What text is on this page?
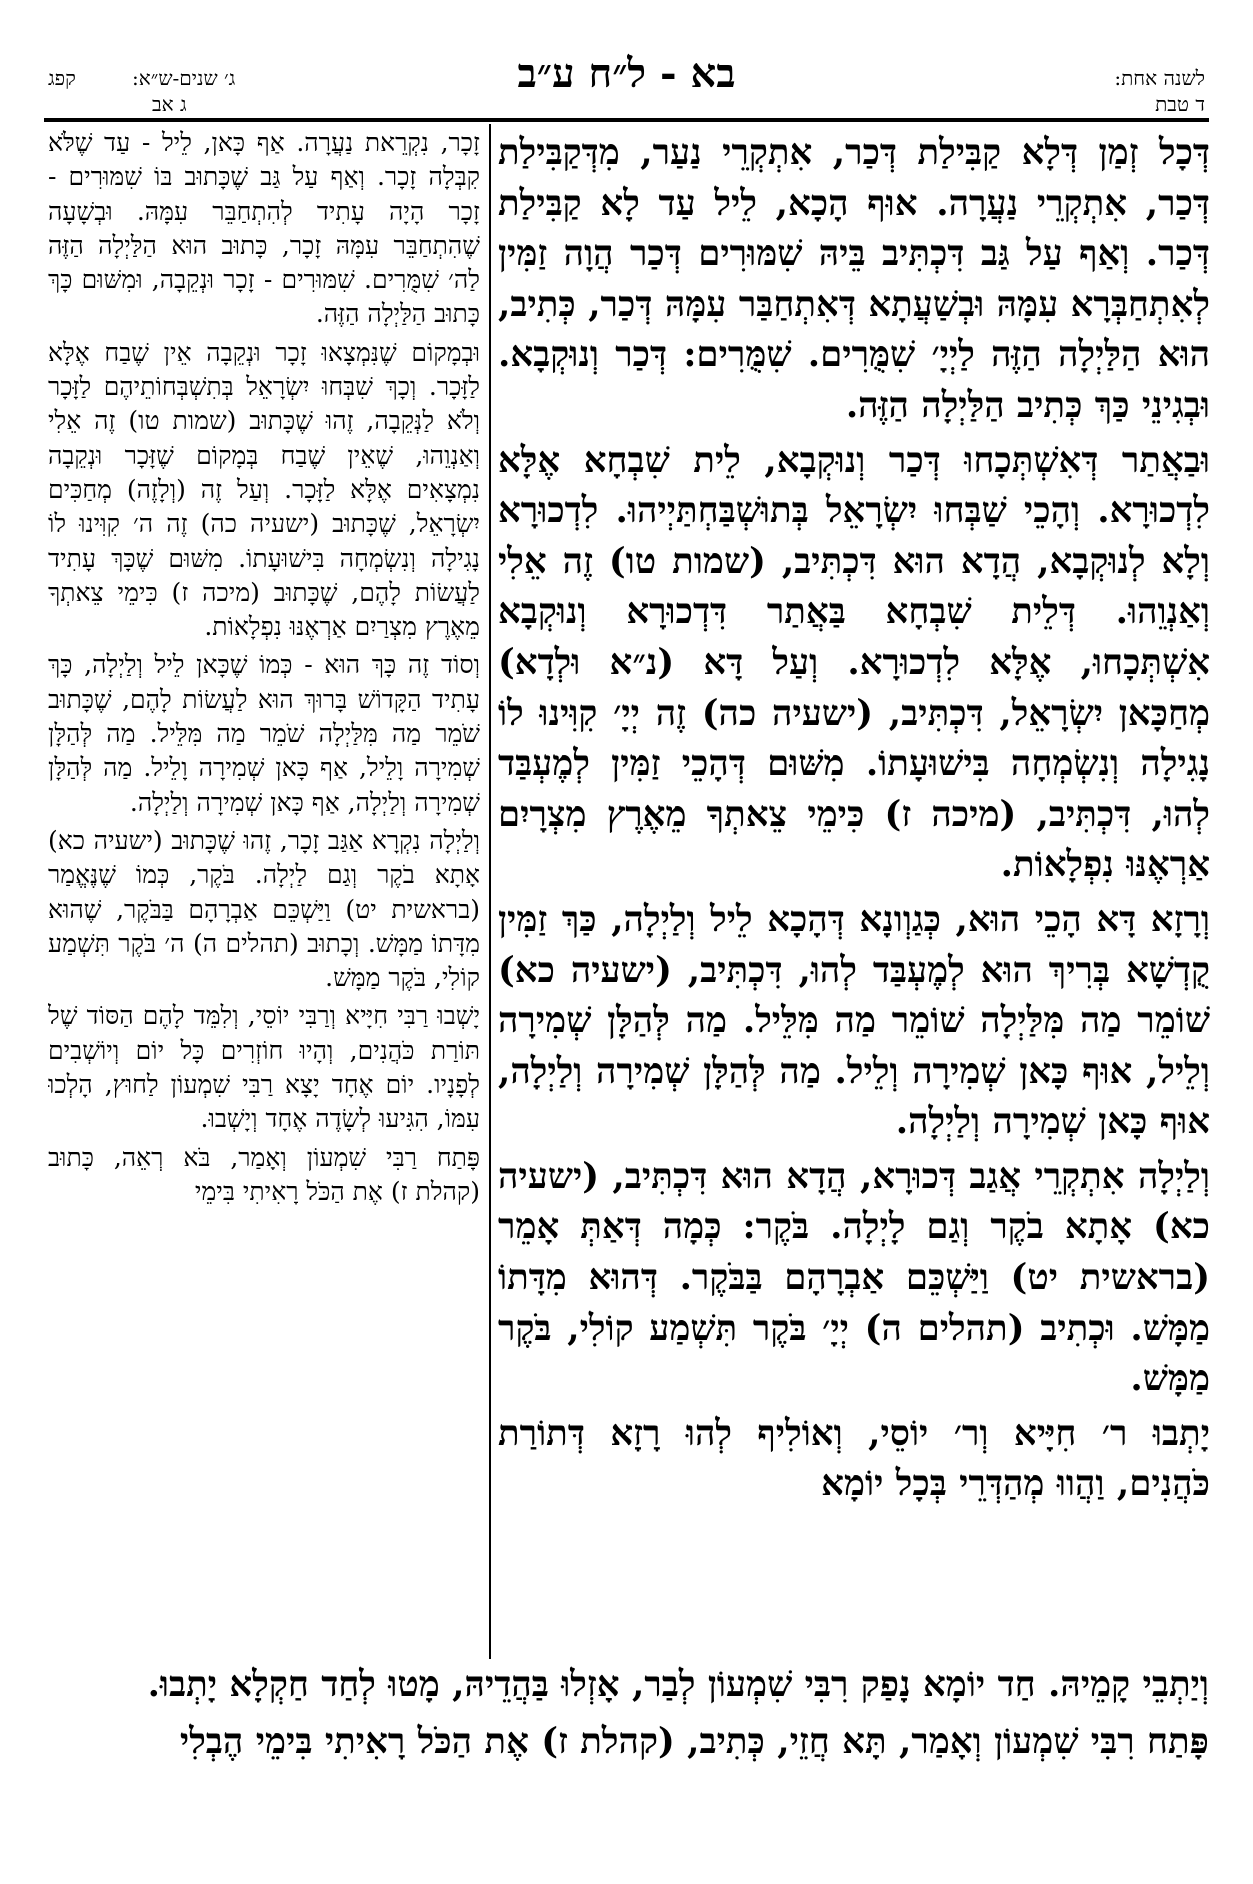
קפג	ג׳ שנים-ש״א:
ג אב
בא - ל״ח ע״ב	לשנה אחת:
ד טבת

דְּכָל זְמַן דְּלָא קַבִּילַת דְּכַר, אִתְקְרֵי נַעַר, מִדְּקַבִּילַת דְּכַר, אִתְקְרֵי נַעֲרָה. אוּף הָכָא, לֵיל עַד לָא קַבִּילַת דְּכַר. וְאַף עַל גַּב דִּכְתִּיב בֵּיהּ שִׁמּוּרִים דְּכַר הֲוָה זַמִּין לְאִתְחַבְּרָא עִמָּהּ וּבְשַׁעֲתָא דְּאִתְחַבַּר עִמָּהּ דְּכַר, כְּתִיב, הוּא הַלַּיְלָה הַזֶּה לַיְיָ׳ שִׁמֻּרִים. שִׁמֻּרִים: דְּכַר וְנוּקְבָא. וּבְגִינֵי כַּךְ כְּתִיב הַלַּיְלָה הַזֶּה.

וּבַאֲתַר דְּאִשְׁתְּכָחוּ דְּכַר וְנוּקְבָא, לֵית שִׁבְחָא אֶלָּא לִדְכוּרָא. וְהָכֵי שַׁבְּחוּ יִשְׂרָאֵל בְּתוּשְׁבַּחְתַּיְיהוּ. לִדְכוּרָא וְלָא לְנוּקְבָא, הֲדָא הוּא דִּכְתִּיב, (שמות טו) זֶה אֵלִי וְאַנְוֵהוּ. דְּלֵית שִׁבְחָא בַּאֲתַר דִּדְכוּרָא וְנוּקְבָא אִשְׁתְּכָחוּ, אֶלָּא לִדְכוּרָא. וְעַל דָּא (נ״א וּלְדָא) מְחַכָּאן יִשְׂרָאֵל, דִּכְתִּיב, (ישעיה כה) זֶה יְיָ׳ קִוִּינוּ לוֹ נָגִילָה וְנִשְׂמְחָה בִּישׁוּעָתוֹ. מִשּׁוּם דְּהָכֵי זַמִּין לְמֶעְבַּד לְהוּ, דִּכְתִּיב, (מיכה ז) כִּימֵי צֵאתְךָ מֵאֶרֶץ מִצְרָיִם אַרְאֶנּוּ נִפְלָאוֹת.

וְרָזָא דָּא הָכֵי הוּא, כְּגַוְונָא דְּהָכָא לֵיל וְלַיְלָה, כַּךְ זַמִּין קֻדְשָׁא בְּרִיךְ הוּא לְמֶעְבַּד לְהוּ, דִּכְתִּיב, (ישעיה כא) שׁוֹמֵר מַה מִּלַּיְלָה שׁוֹמֵר מַה מִּלֵּיל. מַה לְּהַלָּן שְׁמִירָה וְלֵיל, אוּף כָּאן שְׁמִירָה וְלֵיל. מַה לְּהַלָּן שְׁמִירָה וְלַיְלָה, אוּף כָּאן שְׁמִירָה וְלַיְלָה.

וְלַיְלָה אִתְקְרֵי אֲגַב דְּכוּרָא, הֲדָא הוּא דִּכְתִּיב, (ישעיה כא) אָתָא בֹקֶר וְגַם לָיְלָה. בֹּקֶר: כְּמָה דְּאַתְּ אָמֵר (בראשית יט) וַיַּשְׁכֵּם אַבְרָהָם בַּבֹּקֶר. דְּהוּא מִדָּתוֹ מַמָּשׁ. וּכְתִיב (תהלים ה) יְיָ׳ בֹּקֶר תִּשְׁמַע קוֹלִי, בֹּקֶר מַמָּשׁ.

יָתְבוּ ר׳ חִיָּיא וְר׳ יוֹסֵי, וְאוֹלִיף לְהוּ רָזָא דְּתוֹרַת כֹּהֲנִים, וַהֲווּ מְהַדְּרֵי בְּכָל יוֹמָא

זָכָר, נִקְרֵאת נַעֲרָה. אַף כָּאן, לֵיל - עַד שֶׁלֹּא קִבְּלָה זָכָר. וְאַף עַל גַּב שֶׁכָּתוּב בּוֹ שִׁמּוּרִים - זָכָר הָיָה עָתִיד לְהִתְחַבֵּר עִמָּהּ. וּבְשָׁעָה שֶׁהִתְחַבֵּר עִמָּהּ זָכָר, כָּתוּב הוּא הַלַּיְלָה הַזֶּה לַה׳ שִׁמֻּרִים. שִׁמּוּרִים - זָכָר וּנְקֵבָה, וּמִשּׁוּם כָּךְ כָּתוּב הַלַּיְלָה הַזֶּה.

וּבְמָקוֹם שֶׁנִּמְצָאוּ זָכָר וּנְקֵבָה אֵין שֶׁבַח אֶלָּא לַזָּכָר. וְכָךְ שִׁבְּחוּ יִשְׂרָאֵל בְּתִשְׁבְּחוֹתֵיהֶם לַזָּכָר וְלֹא לַנְּקֵבָה, זֶהוּ שֶׁכָּתוּב (שמות טו) זֶה אֵלִי וְאַנְוֵהוּ, שֶׁאֵין שֶׁבַח בְּמָקוֹם שֶׁזָּכָר וּנְקֵבָה נִמְצָאִים אֶלָּא לַזָּכָר. וְעַל זֶה (וְלָזֶה) מְחַכִּים יִשְׂרָאֵל, שֶׁכָּתוּב (ישעיה כה) זֶה ה׳ קִוִּינוּ לוֹ נָגִילָה וְנִשְׂמְחָה בִּישׁוּעָתוֹ. מִשּׁוּם שֶׁכָּךְ עָתִיד לַעֲשׂוֹת לָהֶם, שֶׁכָּתוּב (מיכה ז) כִּימֵי צֵאתְךָ מֵאֶרֶץ מִצְרַיִם אַרְאֶנּוּ נִפְלָאוֹת.

וְסוֹד זֶה כָּךְ הוּא - כְּמוֹ שֶׁכָּאן לֵיל וְלַיְלָה, כָּךְ עָתִיד הַקָּדוֹשׁ בָּרוּךְ הוּא לַעֲשׂוֹת לָהֶם, שֶׁכָּתוּב שֹׁמֵר מַה מִּלַּיְלָה שֹׁמֵר מַה מִּלֵּיל. מַה לְּהַלָּן שְׁמִירָה וָלֵיל, אַף כָּאן שְׁמִירָה וָלֵיל. מַה לְּהַלָּן שְׁמִירָה וְלַיְלָה, אַף כָּאן שְׁמִירָה וְלַיְלָה.

וְלַיְלָה נִקְרָא אַגַּב זָכָר, זֶהוּ שֶׁכָּתוּב (ישעיה כא) אָתָא בֹקֶר וְגַם לַיְלָה. בֹּקֶר, כְּמוֹ שֶׁנֶּאֱמַר (בראשית יט) וַיַּשְׁכֵּם אַבְרָהָם בַּבֹּקֶר, שֶׁהוּא מִדָּתוֹ מַמָּשׁ. וְכָתוּב (תהלים ה) ה׳ בֹּקֶר תִּשְׁמַע קוֹלִי, בֹּקֶר מַמָּשׁ.

יָשְׁבוּ רַבִּי חִיָּיא וְרַבִּי יוֹסֵי, וְלִמֵּד לָהֶם הַסּוֹד שֶׁל תּוֹרַת כֹּהֲנִים, וְהָיוּ חוֹזְרִים כָּל יוֹם וְיוֹשְׁבִים לְפָנָיו. יוֹם אֶחָד יָצָא רַבִּי שִׁמְעוֹן לַחוּץ, הָלְכוּ עִמּוֹ, הִגִּיעוּ לְשָׂדֶה אֶחָד וְיָשְׁבוּ.

פָּתַח רַבִּי שִׁמְעוֹן וְאָמַר, בֹּא רְאֵה, כָּתוּב (קהלת ז) אֶת הַכֹּל רָאִיתִי בִּימֵי

וְיַתְבֵי קָמֵיהּ. חַד יוֹמָא נָפַק רִבִּי שִׁמְעוֹן לְבַר, אָזְלוּ בַּהֲדֵיהּ, מָטוּ לְחַד חַקְלָא יָתְבוּ.

פָּתַח רִבִּי שִׁמְעוֹן וְאָמַר, תָּא חֲזֵי, כְּתִיב, (קהלת ז) אֶת הַכֹּל רָאִיתִי בִּימֵי הֶבְלִי
